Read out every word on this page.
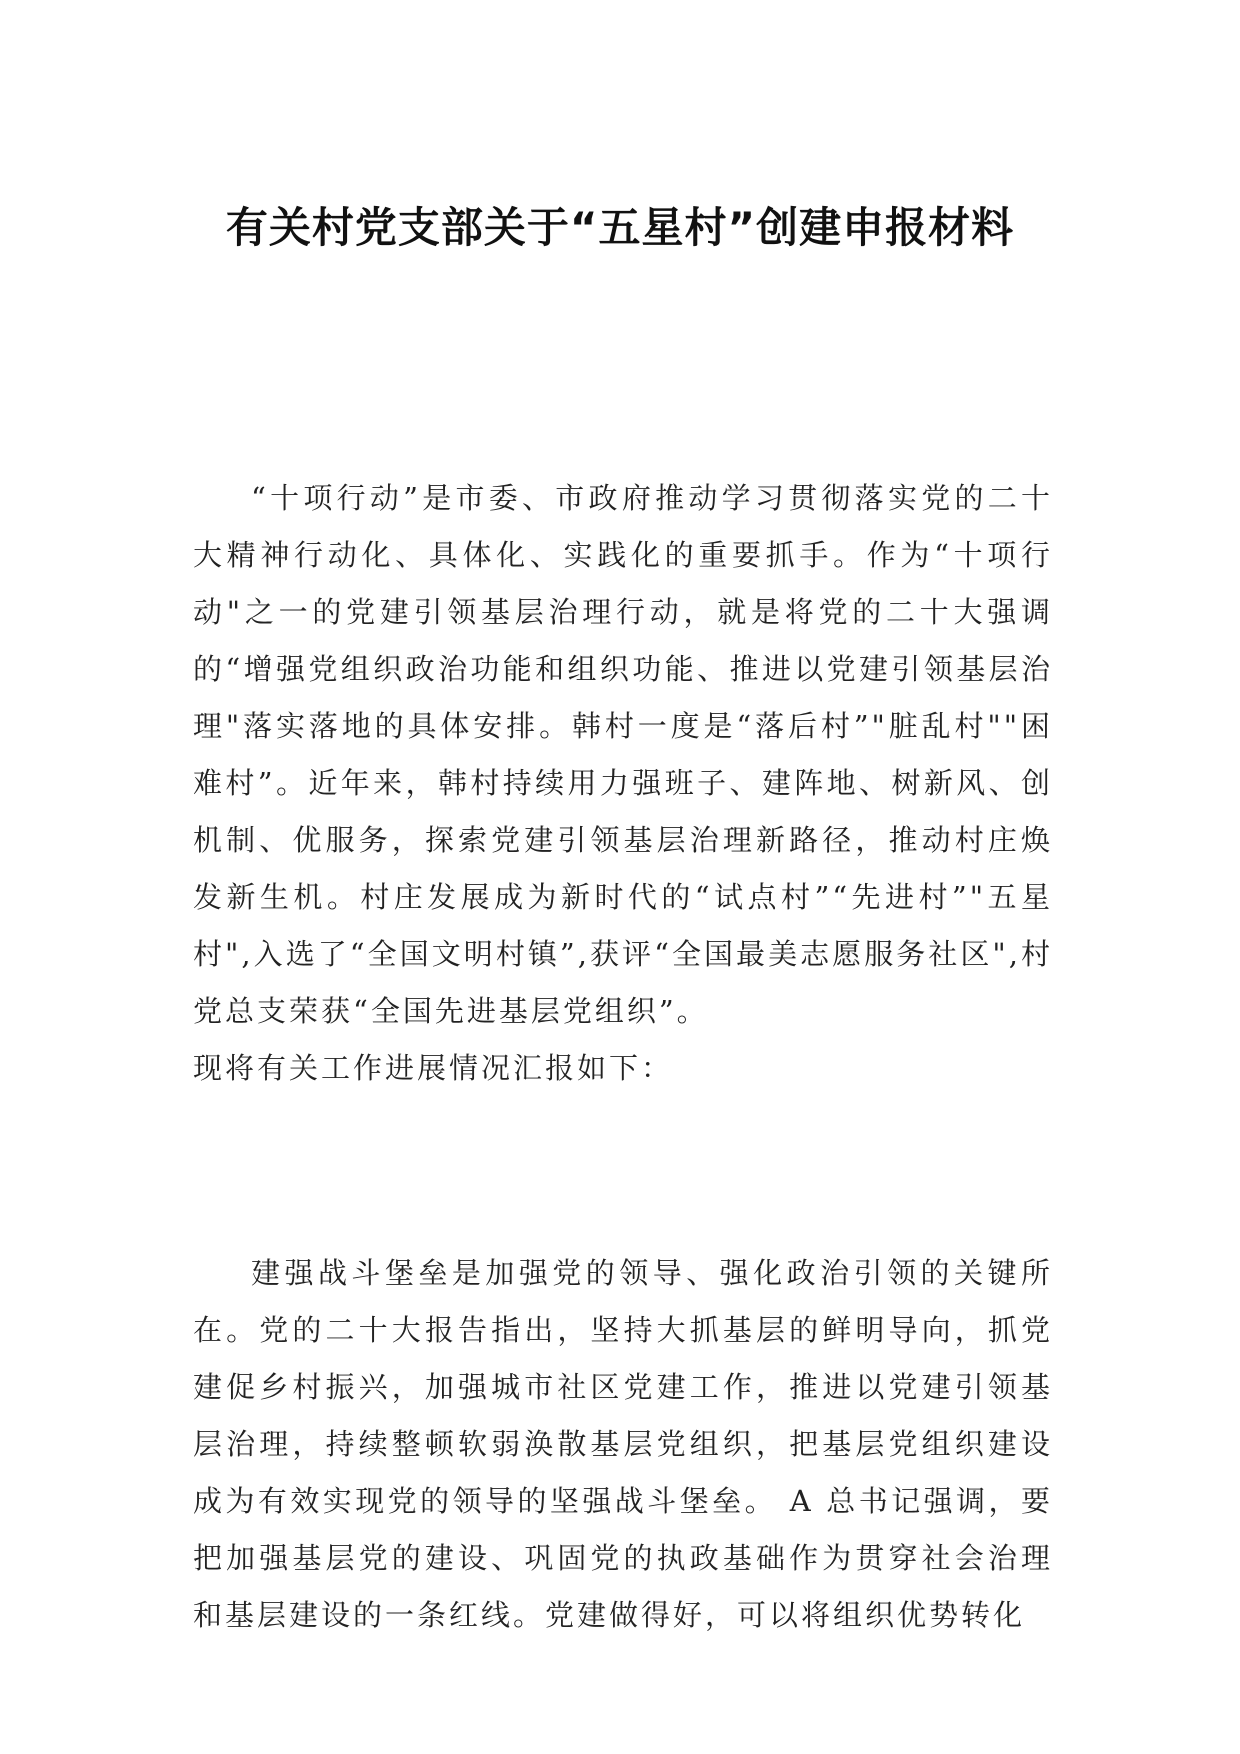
有关村党支部关于“五星村”创建申报材料

“十项行动”是市委、市政府推动学习贯彻落实党的二十大精神行动化、具体化、实践化的重要抓手。作为“十项行动"之一的党建引领基层治理行动，就是将党的二十大强调的“增强党组织政治功能和组织功能、推进以党建引领基层治理"落实落地的具体安排。韩村一度是“落后村”"脏乱村""困难村”。近年来，韩村持续用力强班子、建阵地、树新风、创机制、优服务，探索党建引领基层治理新路径，推动村庄焕发新生机。村庄发展成为新时代的“试点村”“先进村”"五星村",入选了“全国文明村镇”,获评“全国最美志愿服务社区",村党总支荣获“全国先进基层党组织”。

现将有关工作进展情况汇报如下：

建强战斗堡垒是加强党的领导、强化政治引领的关键所在。党的二十大报告指出，坚持大抓基层的鲜明导向，抓党建促乡村振兴，加强城市社区党建工作，推进以党建引领基层治理，持续整顿软弱涣散基层党组织，把基层党组织建设成为有效实现党的领导的坚强战斗堡垒。 A 总书记强调，要把加强基层党的建设、巩固党的执政基础作为贯穿社会治理和基层建设的一条红线。党建做得好，可以将组织优势转化
